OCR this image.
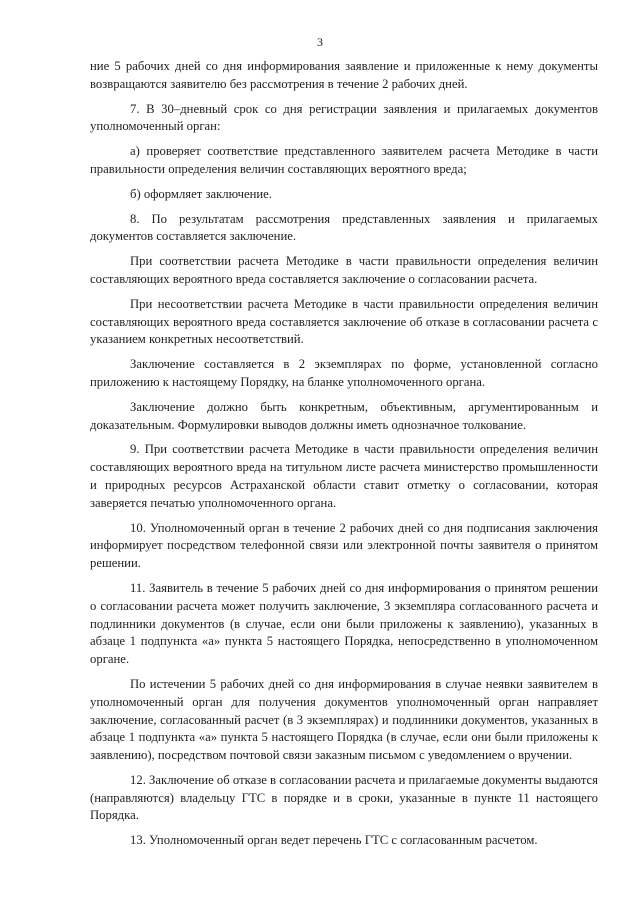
3

ние 5 рабочих дней со дня информирования заявление и приложенные к нему документы возвращаются заявителю без рассмотрения в течение 2 рабочих дней.

7. В 30–дневный срок со дня регистрации заявления и прилагаемых документов уполномоченный орган:

а) проверяет соответствие представленного заявителем расчета Методике в части правильности определения величин составляющих вероятного вреда;

б) оформляет заключение.

8. По результатам рассмотрения представленных заявления и прилагаемых документов составляется заключение.

При соответствии расчета Методике в части правильности определения величин составляющих вероятного вреда составляется заключение о согласовании расчета.

При несоответствии расчета Методике в части правильности определения величин составляющих вероятного вреда составляется заключение об отказе в согласовании расчета с указанием конкретных несоответствий.

Заключение составляется в 2 экземплярах по форме, установленной согласно приложению к настоящему Порядку, на бланке уполномоченного органа.

Заключение должно быть конкретным, объективным, аргументированным и доказательным. Формулировки выводов должны иметь однозначное толкование.

9. При соответствии расчета Методике в части правильности определения величин составляющих вероятного вреда на титульном листе расчета министерство промышленности и природных ресурсов Астраханской области ставит отметку о согласовании, которая заверяется печатью уполномоченного органа.

10. Уполномоченный орган в течение 2 рабочих дней со дня подписания заключения информирует посредством телефонной связи или электронной почты заявителя о принятом решении.

11. Заявитель в течение 5 рабочих дней со дня информирования о принятом решении о согласовании расчета может получить заключение, 3 экземпляра согласованного расчета и подлинники документов (в случае, если они были приложены к заявлению), указанных в абзаце 1 подпункта «а» пункта 5 настоящего Порядка, непосредственно в уполномоченном органе.

По истечении 5 рабочих дней со дня информирования в случае неявки заявителем в уполномоченный орган для получения документов уполномоченный орган направляет заключение, согласованный расчет (в 3 экземплярах) и подлинники документов, указанных в абзаце 1 подпункта «а» пункта 5 настоящего Порядка (в случае, если они были приложены к заявлению), посредством почтовой связи заказным письмом с уведомлением о вручении.

12. Заключение об отказе в согласовании расчета и прилагаемые документы выдаются (направляются) владельцу ГТС в порядке и в сроки, указанные в пункте 11 настоящего Порядка.

13. Уполномоченный орган ведет перечень ГТС с согласованным расчетом.
